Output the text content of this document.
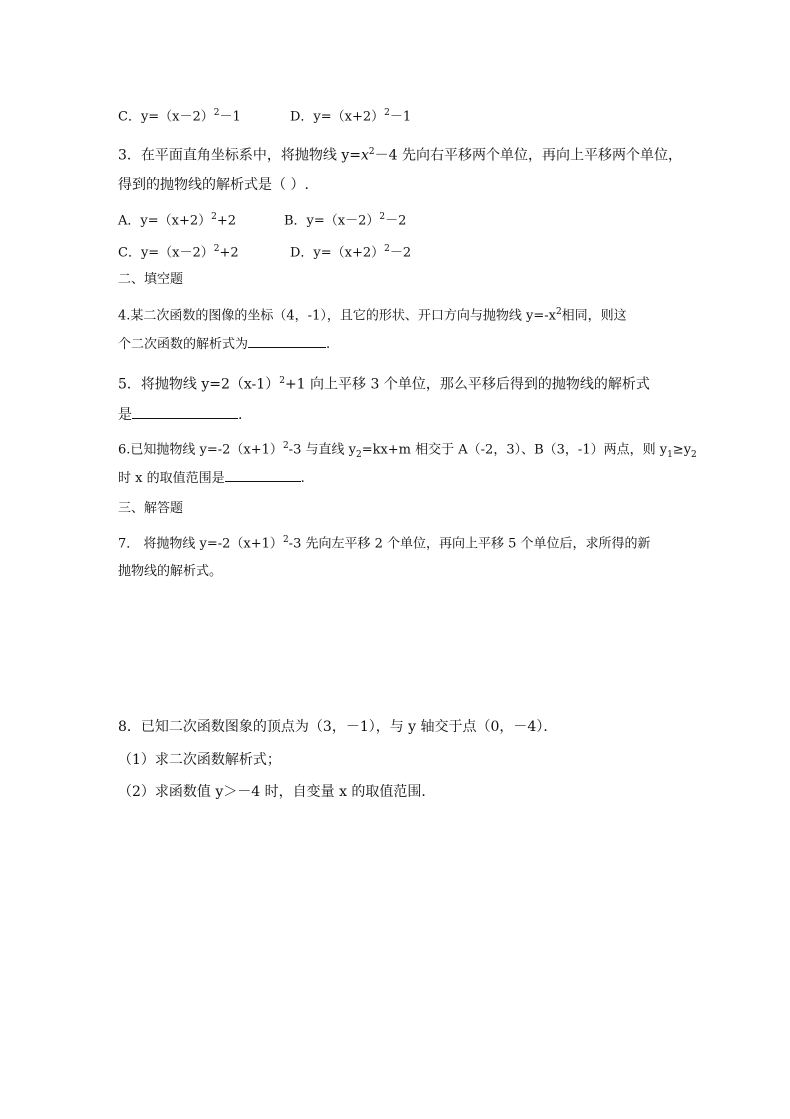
C．$y=(x-2)^2-1$	D．$y=(x+2)^2-1$
3．在平面直角坐标系中，将抛物线 $y=x^2-4$ 先向右平移两个单位，再向上平移两个单位，
得到的抛物线的解析式是（ ）.
A．$y=(x+2)^2+2$	B．$y=(x-2)^2-2$
C．$y=(x-2)^2+2$	D．$y=(x+2)^2-2$
二、填空题
4.某二次函数的图像的坐标（4，-1），且它的形状、开口方向与抛物线 $y=-x^2$相同，则这
个二次函数的解析式为	.
5．将抛物线 $y=2(x-1)^2+1$ 向上平移 3 个单位，那么平移后得到的抛物线的解析式
是	.
6.已知抛物线 $y=-2(x+1)^2-3$ 与直线 $y_2=kx+m$ 相交于 A（-2，3）、B（3，-1）两点，则 $y_1\ge y_2$
时 x 的取值范围是	.
三、解答题
7． 将抛物线 $y=-2(x+1)^2-3$ 先向左平移 2 个单位，再向上平移 5 个单位后，求所得的新
抛物线的解析式。
8．已知二次函数图象的顶点为（3，－1），与 y 轴交于点（0，－4）．
（1）求二次函数解析式；
（2）求函数值 y＞－4 时，自变量 x 的取值范围．
